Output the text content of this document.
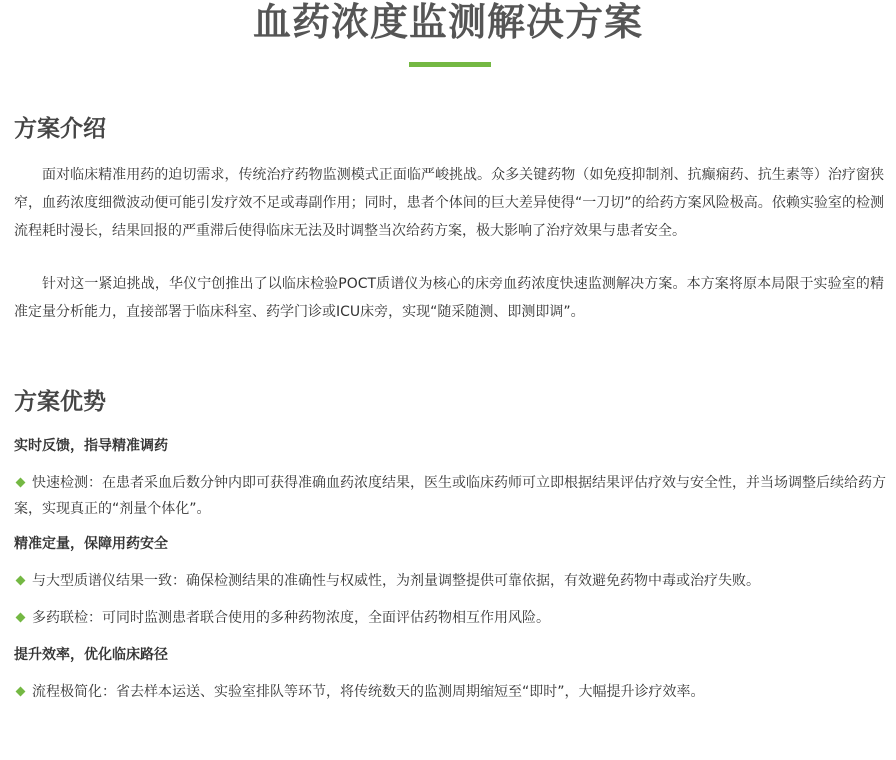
血药浓度监测解决方案
方案介绍

面对临床精准用药的迫切需求，传统治疗药物监测模式正面临严峻挑战。众多关键药物（如免疫抑制剂、抗癫痫药、抗生素等）治疗窗狭窄，血药浓度细微波动便可能引发疗效不足或毒副作用；同时，患者个体间的巨大差异使得“一刀切”的给药方案风险极高。依赖实验室的检测流程耗时漫长，结果回报的严重滞后使得临床无法及时调整当次给药方案，极大影响了治疗效果与患者安全。

针对这一紧迫挑战，华仪宁创推出了以临床检验POCT质谱仪为核心的床旁血药浓度快速监测解决方案。本方案将原本局限于实验室的精准定量分析能力，直接部署于临床科室、药学门诊或ICU床旁，实现“随采随测、即测即调”。

方案优势
实时反馈，指导精准调药

快速检测：在患者采血后数分钟内即可获得准确血药浓度结果，医生或临床药师可立即根据结果评估疗效与安全性，并当场调整后续给药方案，实现真正的“剂量个体化”。

精准定量，保障用药安全

与大型质谱仪结果一致：确保检测结果的准确性与权威性，为剂量调整提供可靠依据，有效避免药物中毒或治疗失败。

多药联检：可同时监测患者联合使用的多种药物浓度，全面评估药物相互作用风险。

提升效率，优化临床路径

流程极简化：省去样本运送、实验室排队等环节，将传统数天的监测周期缩短至“即时”，大幅提升诊疗效率。
